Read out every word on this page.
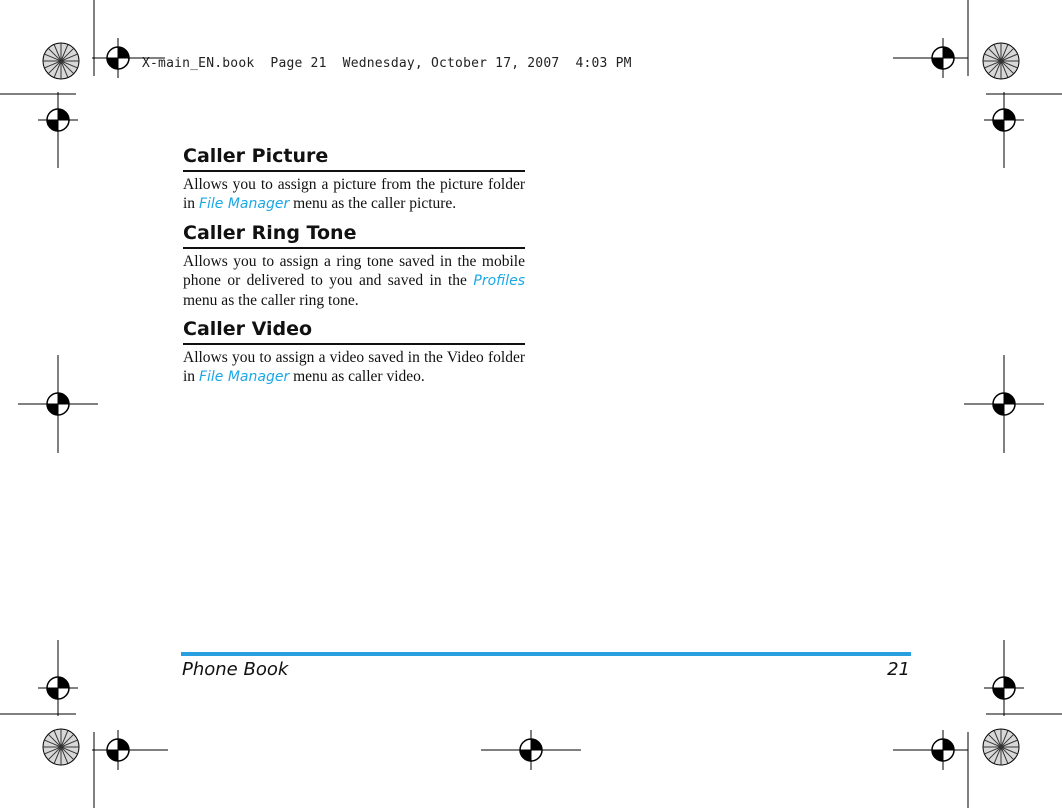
X-main_EN.book  Page 21  Wednesday, October 17, 2007  4:03 PM
Caller Picture
Allows you to assign a picture from the picture folder in File Manager menu as the caller picture.
Caller Ring Tone
Allows you to assign a ring tone saved in the mobile phone or delivered to you and saved in the Profiles menu as the caller ring tone.
Caller Video
Allows you to assign a video saved in the Video folder in File Manager menu as caller video.
Phone Book	21
